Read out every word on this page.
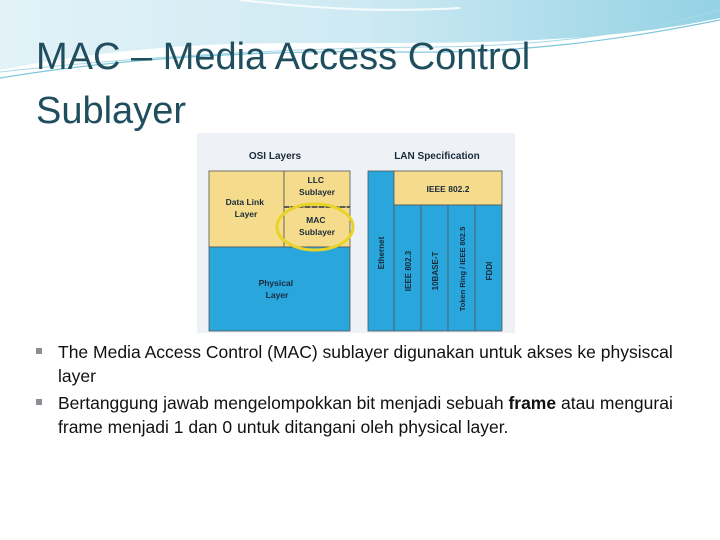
MAC – Media Access Control
Sublayer
OSI Layers	LAN Specification
Data Link Layer
LLC Sublayer
MAC Sublayer
Physical Layer
IEEE 802.2
Ethernet IEEE 802.3 10BASE-T Token Ring / IEEE 802.5 FDDI
The Media Access Control (MAC) sublayer digunakan untuk akses ke physiscal layer
Bertanggung jawab mengelompokkan bit menjadi sebuah frame atau mengurai frame menjadi 1 dan 0 untuk ditangani oleh physical layer.
